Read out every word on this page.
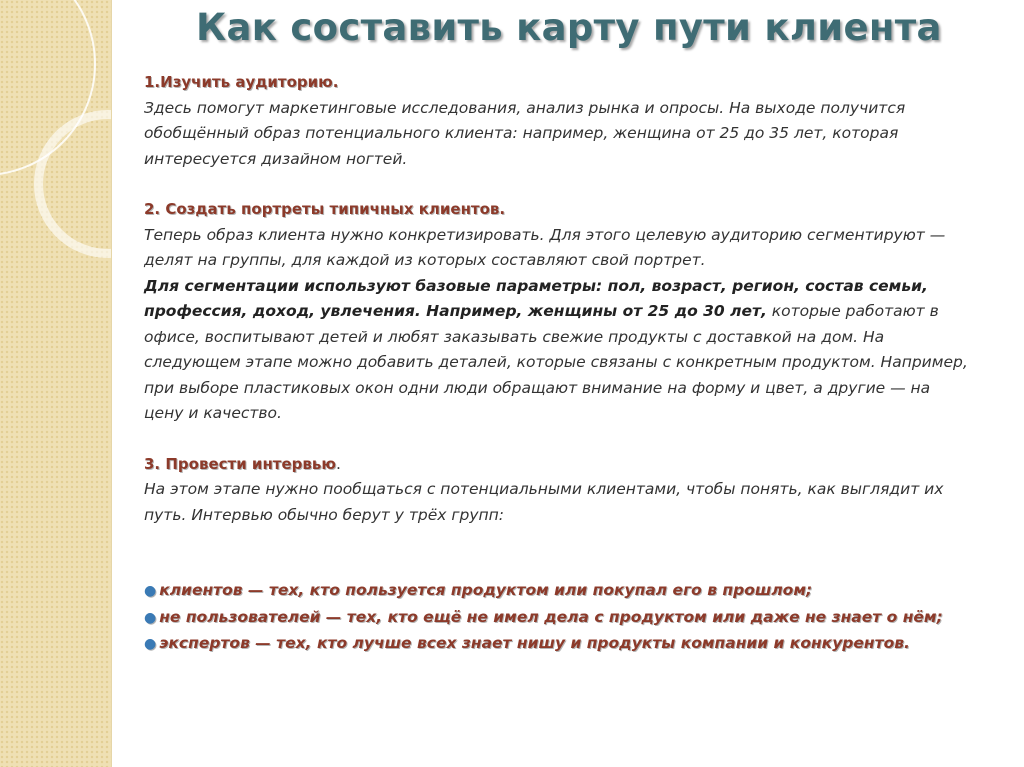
Как составить карту пути клиента

1.Изучить аудиторию.
Здесь помогут маркетинговые исследования, анализ рынка и опросы. На выходе получится обобщённый образ потенциального клиента: например, женщина от 25 до 35 лет, которая интересуется дизайном ногтей.

2. Создать портреты типичных клиентов.
Теперь образ клиента нужно конкретизировать. Для этого целевую аудиторию сегментируют — делят на группы, для каждой из которых составляют свой портрет.
Для сегментации используют базовые параметры: пол, возраст, регион, состав семьи, профессия, доход, увлечения. Например, женщины от 25 до 30 лет, которые работают в офисе, воспитывают детей и любят заказывать свежие продукты с доставкой на дом. На следующем этапе можно добавить деталей, которые связаны с конкретным продуктом. Например, при выборе пластиковых окон одни люди обращают внимание на форму и цвет, а другие — на цену и качество.

3. Провести интервью.
На этом этапе нужно пообщаться с потенциальными клиентами, чтобы понять, как выглядит их путь. Интервью обычно берут у трёх групп:

● клиентов — тех, кто пользуется продуктом или покупал его в прошлом;

● не пользователей — тех, кто ещё не имел дела с продуктом или даже не знает о нём;

● экспертов — тех, кто лучше всех знает нишу и продукты компании и конкурентов.
